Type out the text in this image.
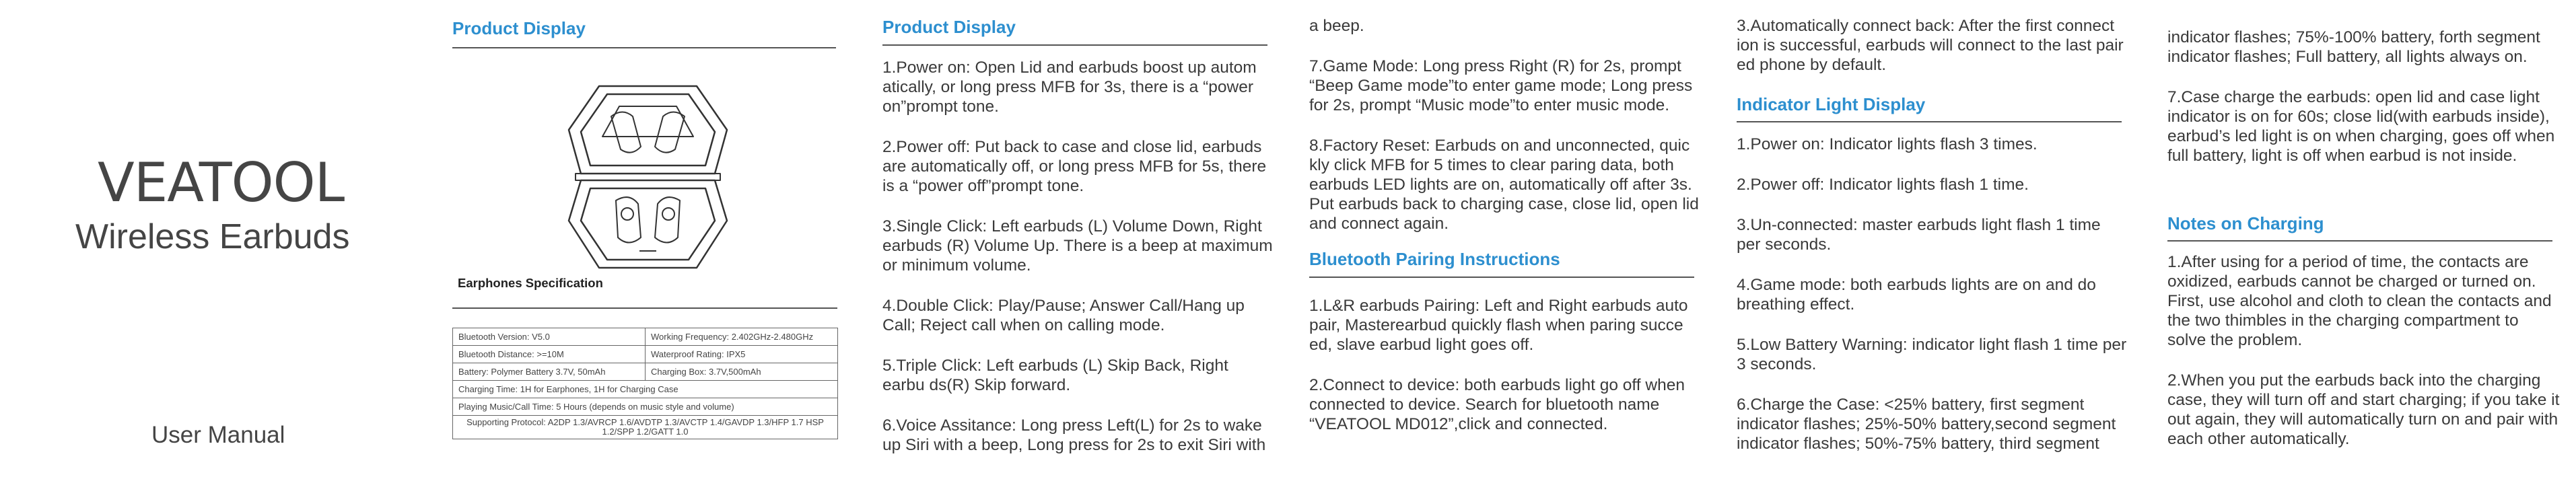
VEATOOL
Wireless Earbuds
User Manual
Product Display
Earphones Specification
Bluetooth Version: V5.0	Working Frequency: 2.402GHz-2.480GHz
Bluetooth Distance: >=10M	Waterproof Rating: IPX5
Battery: Polymer Battery 3.7V, 50mAh	Charging Box: 3.7V,500mAh
Charging Time: 1H for Earphones, 1H for Charging Case	
Playing Music/Call Time: 5 Hours (depends on music style and volume)	
Supporting Protocol: A2DP 1.3/AVRCP 1.6/AVDTP 1.3/AVCTP 1.4/GAVDP 1.3/HFP 1.7 HSP 1.2/SPP 1.2/GATT 1.0	
Product Display

1.Power on: Open Lid and earbuds boost up autom atically, or long press MFB for 3s, there is a “power on”prompt tone.

2.Power off: Put back to case and close lid, earbuds are automatically off, or long press MFB for 5s, there is a “power off”prompt tone.

3.Single Click: Left earbuds (L) Volume Down, Right earbuds (R) Volume Up. There is a beep at maximum or minimum volume.

4.Double Click: Play/Pause; Answer Call/Hang up Call; Reject call when on calling mode.

5.Triple Click: Left earbuds (L) Skip Back, Right earbu ds(R) Skip forward.

6.Voice Assitance: Long press Left(L) for 2s to wake up Siri with a beep, Long press for 2s to exit Siri with

a beep.

7.Game Mode: Long press Right (R) for 2s, prompt “Beep Game mode”to enter game mode; Long press for 2s, prompt “Music mode”to enter music mode.

8.Factory Reset: Earbuds on and unconnected, quic kly click MFB for 5 times to clear paring data, both earbuds LED lights are on, automatically off after 3s. Put earbuds back to charging case, close lid, open lid and connect again.

Bluetooth Pairing Instructions

1.L&R earbuds Pairing: Left and Right earbuds auto pair, Masterearbud quickly flash when paring succe ed, slave earbud light goes off.

2.Connect to device: both earbuds light go off when connected to device. Search for bluetooth name “VEATOOL MD012”,click and connected.

3.Automatically connect back: After the first connect ion is successful, earbuds will connect to the last pair ed phone by default.

Indicator Light Display

1.Power on: Indicator lights flash 3 times.

2.Power off: Indicator lights flash 1 time.

3.Un-connected: master earbuds light flash 1 time per seconds.

4.Game mode: both earbuds lights are on and do breathing effect.

5.Low Battery Warning: indicator light flash 1 time per 3 seconds.

6.Charge the Case: <25% battery, first segment indicator flashes; 25%-50% battery,second segment indicator flashes; 50%-75% battery, third segment

indicator flashes; 75%-100% battery, forth segment indicator flashes; Full battery, all lights always on.

7.Case charge the earbuds: open lid and case light indicator is on for 60s; close lid(with earbuds inside), earbud’s led light is on when charging, goes off when full battery, light is off when earbud is not inside.

Notes on Charging

1.After using for a period of time, the contacts are oxidized, earbuds cannot be charged or turned on. First, use alcohol and cloth to clean the contacts and the two thimbles in the charging compartment to solve the problem.

2.When you put the earbuds back into the charging case, they will turn off and start charging; if you take it out again, they will automatically turn on and pair with each other automatically.
